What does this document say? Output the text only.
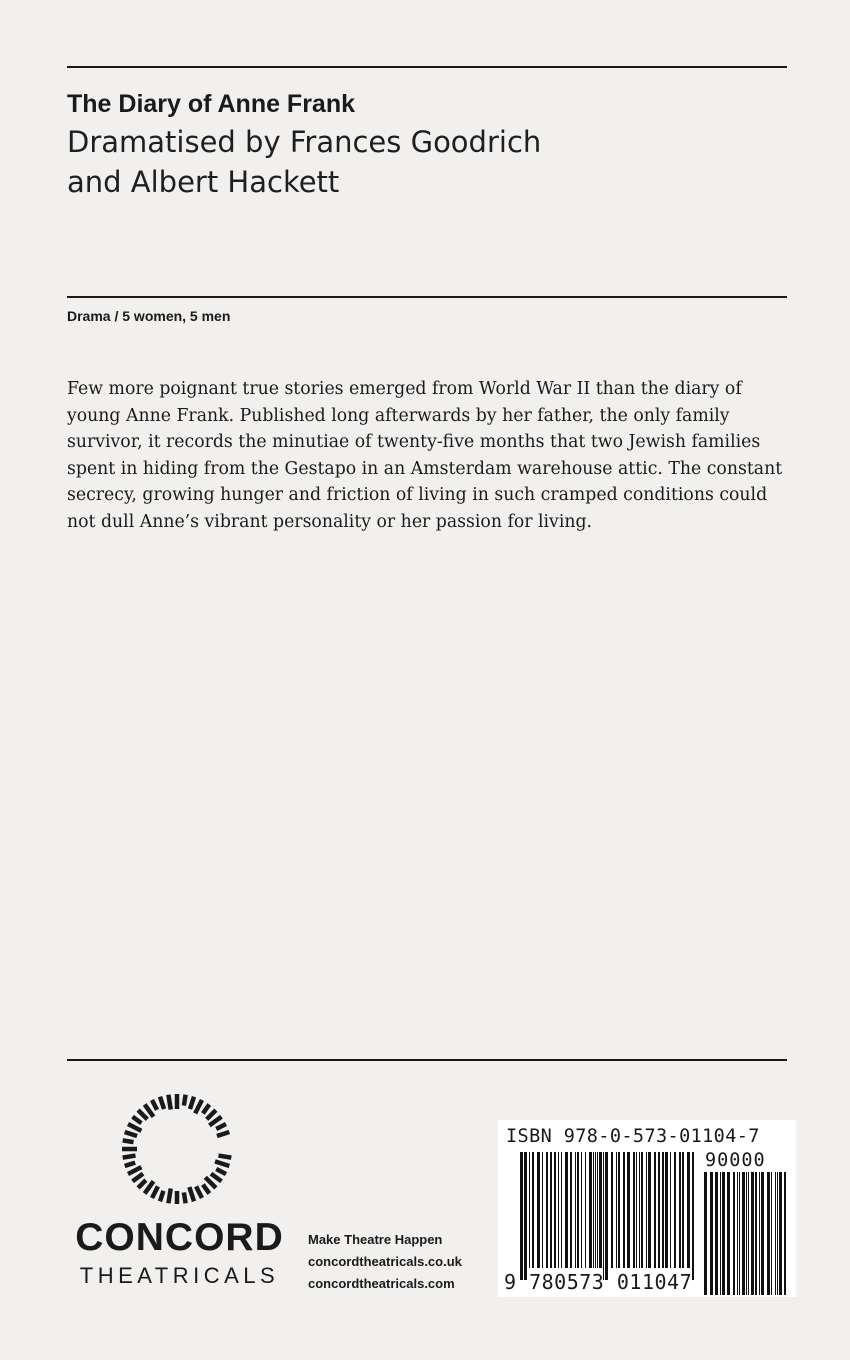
The Diary of Anne Frank
Dramatised by Frances Goodrich
and Albert Hackett

Drama / 5 women, 5 men

Few more poignant true stories emerged from World War II than the diary of young Anne Frank. Published long afterwards by her father, the only family survivor, it records the minutiae of twenty-five months that two Jewish families spent in hiding from the Gestapo in an Amsterdam warehouse attic. The constant secrecy, growing hunger and friction of living in such cramped conditions could not dull Anne’s vibrant personality or her passion for living.

CONCORD
THEATRICALS
Make Theatre Happen
concordtheatricals.co.uk
concordtheatricals.com
ISBN 978-0-573-01104-7
90000
9 780573 011047
